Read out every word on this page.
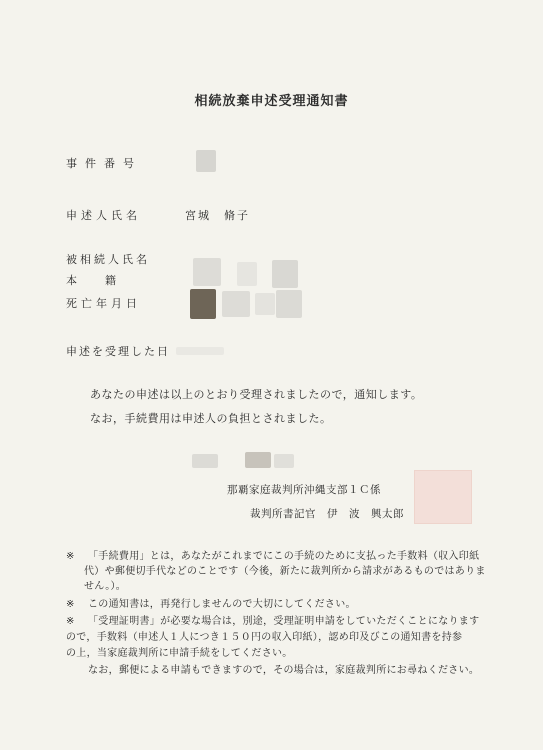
相続放棄申述受理通知書
事件番号
申述人氏名	宮城　脩子
被相続人氏名
本　　籍
死亡年月日
申述を受理した日
あなたの申述は以上のとおり受理されましたので，通知します。
なお，手続費用は申述人の負担とされました。
那覇家庭裁判所沖縄支部１Ｃ係
裁判所書記官　伊　波　興太郎
※ 「手続費用」とは，あなたがこれまでにこの手続のために支払った手数料（収入印紙
代）や郵便切手代などのことです（今後，新たに裁判所から請求があるものではありま
せん。）。
※ この通知書は，再発行しませんので大切にしてください。
※ 「受理証明書」が必要な場合は，別途，受理証明申請をしていただくことになります
ので，手数料（申述人１人につき１５０円の収入印紙），認め印及びこの通知書を持参
の上，当家庭裁判所に申請手続をしてください。
なお，郵便による申請もできますので，その場合は，家庭裁判所にお尋ねください。
